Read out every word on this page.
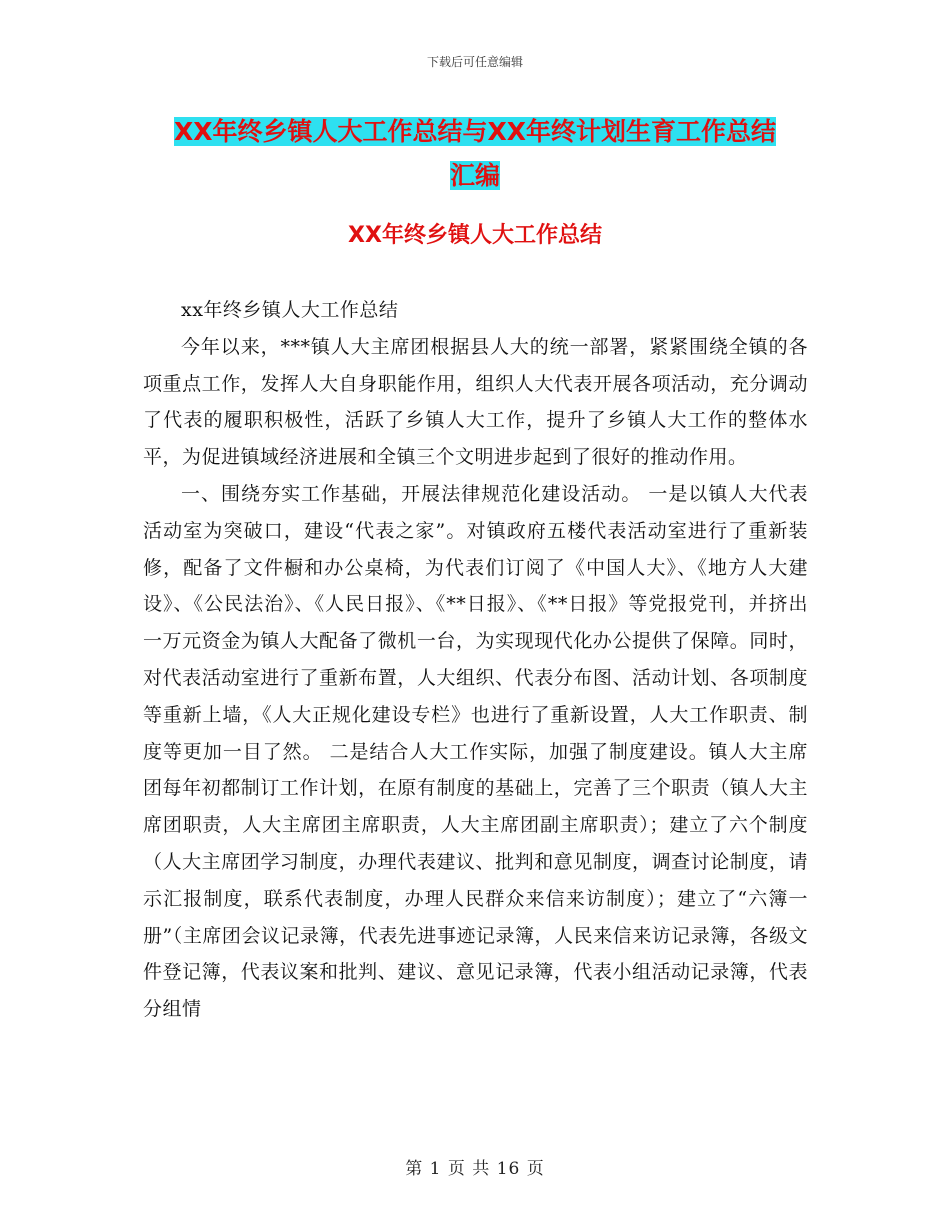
下载后可任意编辑
XX年终乡镇人大工作总结与XX年终计划生育工作总结
汇编
XX年终乡镇人大工作总结

xx年终乡镇人大工作总结

今年以来，***镇人大主席团根据县人大的统一部署，紧紧围绕全镇的各项重点工作，发挥人大自身职能作用，组织人大代表开展各项活动，充分调动了代表的履职积极性，活跃了乡镇人大工作，提升了乡镇人大工作的整体水平，为促进镇域经济进展和全镇三个文明进步起到了很好的推动作用。

一、围绕夯实工作基础，开展法律规范化建设活动。 一是以镇人大代表活动室为突破口，建设“代表之家”。对镇政府五楼代表活动室进行了重新装修，配备了文件橱和办公桌椅，为代表们订阅了《中国人大》、《地方人大建设》、《公民法治》、《人民日报》、《**日报》、《**日报》等党报党刊，并挤出一万元资金为镇人大配备了微机一台，为实现现代化办公提供了保障。同时，对代表活动室进行了重新布置，人大组织、代表分布图、活动计划、各项制度等重新上墙，《人大正规化建设专栏》也进行了重新设置，人大工作职责、制度等更加一目了然。 二是结合人大工作实际，加强了制度建设。镇人大主席团每年初都制订工作计划，在原有制度的基础上，完善了三个职责（镇人大主席团职责，人大主席团主席职责，人大主席团副主席职责）；建立了六个制度（人大主席团学习制度，办理代表建议、批判和意见制度，调查讨论制度，请示汇报制度，联系代表制度，办理人民群众来信来访制度）；建立了“六簿一册”（主席团会议记录簿，代表先进事迹记录簿，人民来信来访记录簿，各级文件登记簿，代表议案和批判、建议、意见记录簿，代表小组活动记录簿，代表分组情

第 1 页 共 16 页
